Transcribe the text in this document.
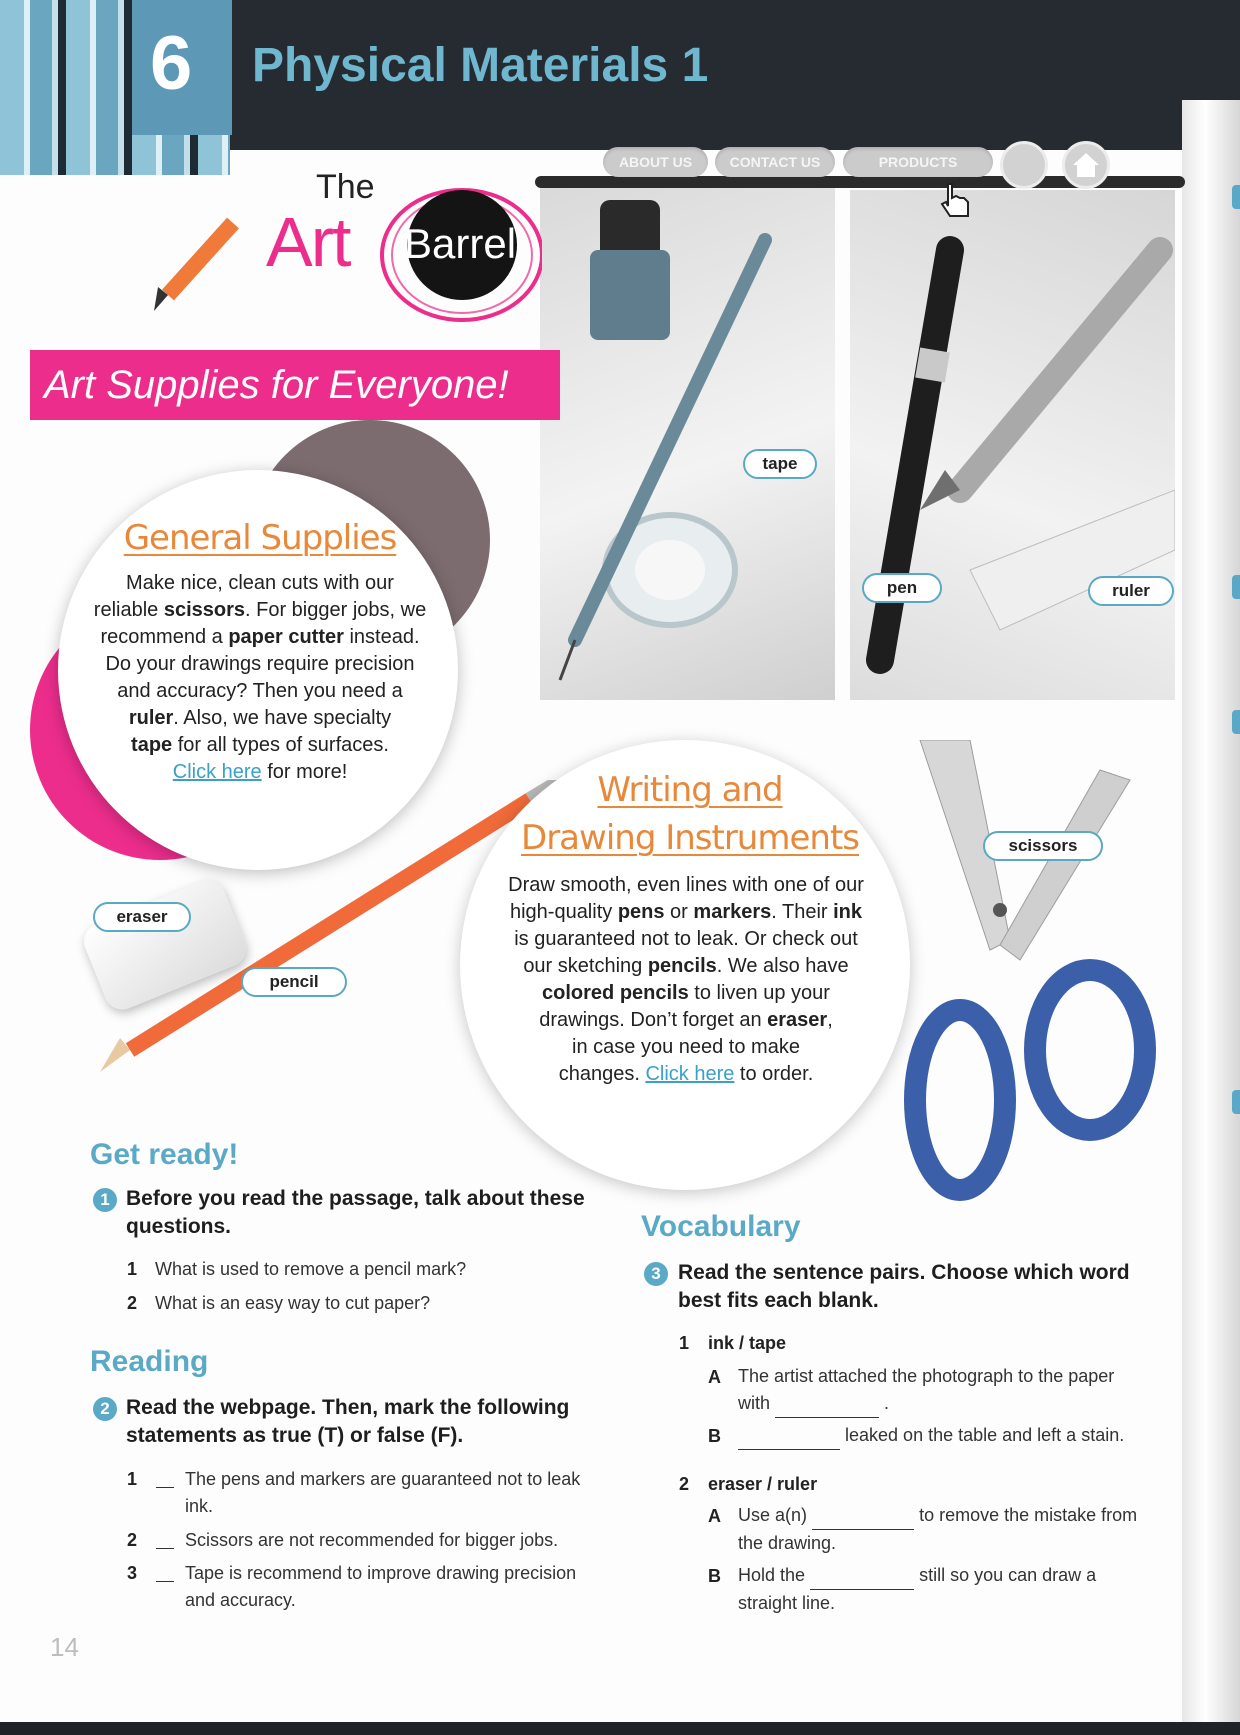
6 Physical Materials 1
ABOUT US	CONTACT US	PRODUCTS
The
Art Barrel
Art Supplies for Everyone!
General Supplies
Make nice, clean cuts with our
reliable scissors. For bigger jobs, we
recommend a paper cutter instead.
Do your drawings require precision
and accuracy? Then you need a
ruler. Also, we have specialty
tape for all types of surfaces.
Click here for more!	Writing and
Drawing Instruments
Draw smooth, even lines with one of our
high-quality pens or markers. Their ink
is guaranteed not to leak. Or check out
our sketching pencils. We also have
colored pencils to liven up your
drawings. Don’t forget an eraser,
in case you need to make
changes. Click here to order.
tape
pen	ruler
scissors
eraser
pencil
Get ready!
1 Before you read the passage, talk about these questions.
1 What is used to remove a pencil mark?
2 What is an easy way to cut paper?
Reading
2 Read the webpage. Then, mark the following statements as true (T) or false (F).
1	The pens and markers are guaranteed not to leak ink.
2	Scissors are not recommended for bigger jobs.
3	Tape is recommend to improve drawing precision and accuracy.
Vocabulary
3 Read the sentence pairs. Choose which word best fits each blank.
1 ink / tape
A The artist attached the photograph to the paper with	.
B	leaked on the table and left a stain.
2 eraser / ruler
A Use a(n)	to remove the mistake from the drawing.
B Hold the	still so you can draw a straight line.
14
